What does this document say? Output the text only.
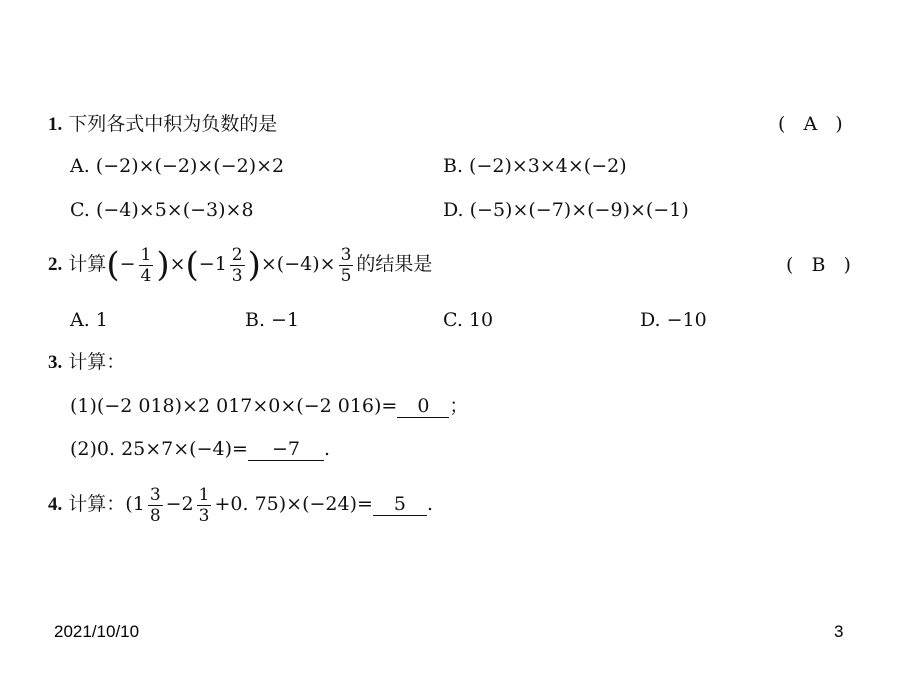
1. 下列各式中积为负数的是	( A )
A. (−2)×(−2)×(−2)×2	B. (−2)×3×4×(−2)
C. (−4)×5×(−3)×8	D. (−5)×(−7)×(−9)×(−1)
2. 计算(− $\frac{1}{4} )\times(-1 \frac{2}{3} )\times(-4)\times \frac{3}{5}$ 的结果是	( B )
A. 1	B. −1	C. 10	D. −10
3. 计算：
(1)(−2 018)×2 017×0×(−2 016)= 0 ；
(2)0. 25×7×(−4)= −7 .
4. 计算：($1 \frac{3}{8} -2 \frac{1}{3} +0$. 75)×(−24)= 5 .
2021/10/10	3
